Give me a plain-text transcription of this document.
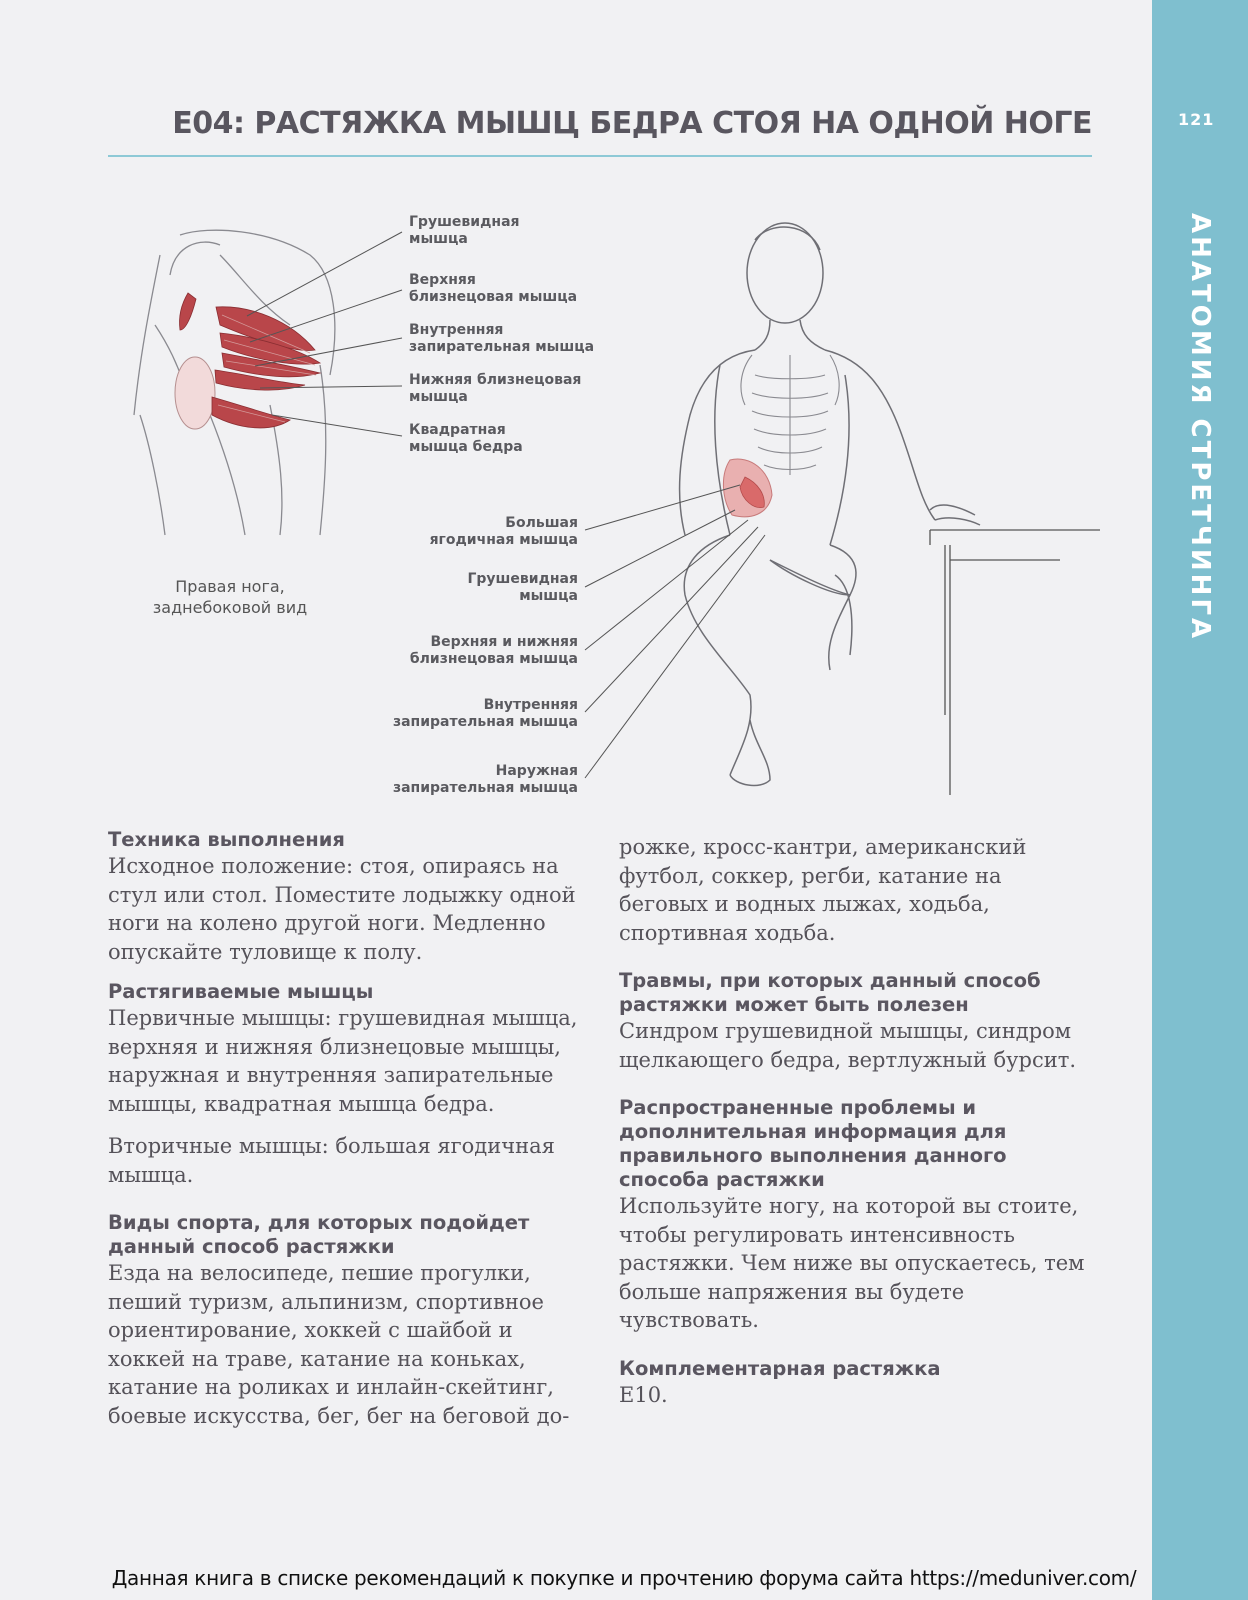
121
АНАТОМИЯ СТРЕТЧИНГА
E04: РАСТЯЖКА МЫШЦ БЕДРА СТОЯ НА ОДНОЙ НОГЕ
Грушевидная
мышца
Верхняя
близнецовая мышца
Внутренняя
запирательная мышца
Нижняя близнецовая
мышца
Квадратная
мышца бедра
Правая нога,
заднебоковой вид
Большая
ягодичная мышца
Грушевидная
мышца
Верхняя и нижняя
близнецовая мышца
Внутренняя
запирательная мышца
Наружная
запирательная мышца
Техника выполнения

Исходное положение: стоя, опираясь на стул или стол. Поместите лодыжку одной ноги на колено другой ноги. Медленно опускайте туловище к полу.

Растягиваемые мышцы

Первичные мышцы: грушевидная мышца, верхняя и нижняя близнецовые мышцы, наружная и внутренняя запирательные мышцы, квадратная мышца бедра.

Вторичные мышцы: большая ягодичная мышца.

Виды спорта, для которых подойдет данный способ растяжки

Езда на велосипеде, пешие прогулки, пеший туризм, альпинизм, спортивное ориентирование, хоккей с шайбой и хоккей на траве, катание на коньках, катание на роликах и инлайн-скейтинг, боевые искусства, бег, бег на беговой до-

рожке, кросс-кантри, американский футбол, соккер, регби, катание на беговых и водных лыжах, ходьба, спортивная ходьба.

Травмы, при которых данный способ растяжки может быть полезен

Синдром грушевидной мышцы, синдром щелкающего бедра, вертлужный бурсит.

Распространенные проблемы и дополнительная информация для правильного выполнения данного способа растяжки

Используйте ногу, на которой вы стоите, чтобы регулировать интенсивность растяжки. Чем ниже вы опускаетесь, тем больше напряжения вы будете чувствовать.

Комплементарная растяжка

E10.

Данная книга в списке рекомендаций к покупке и прочтению форума сайта https://meduniver.com/
